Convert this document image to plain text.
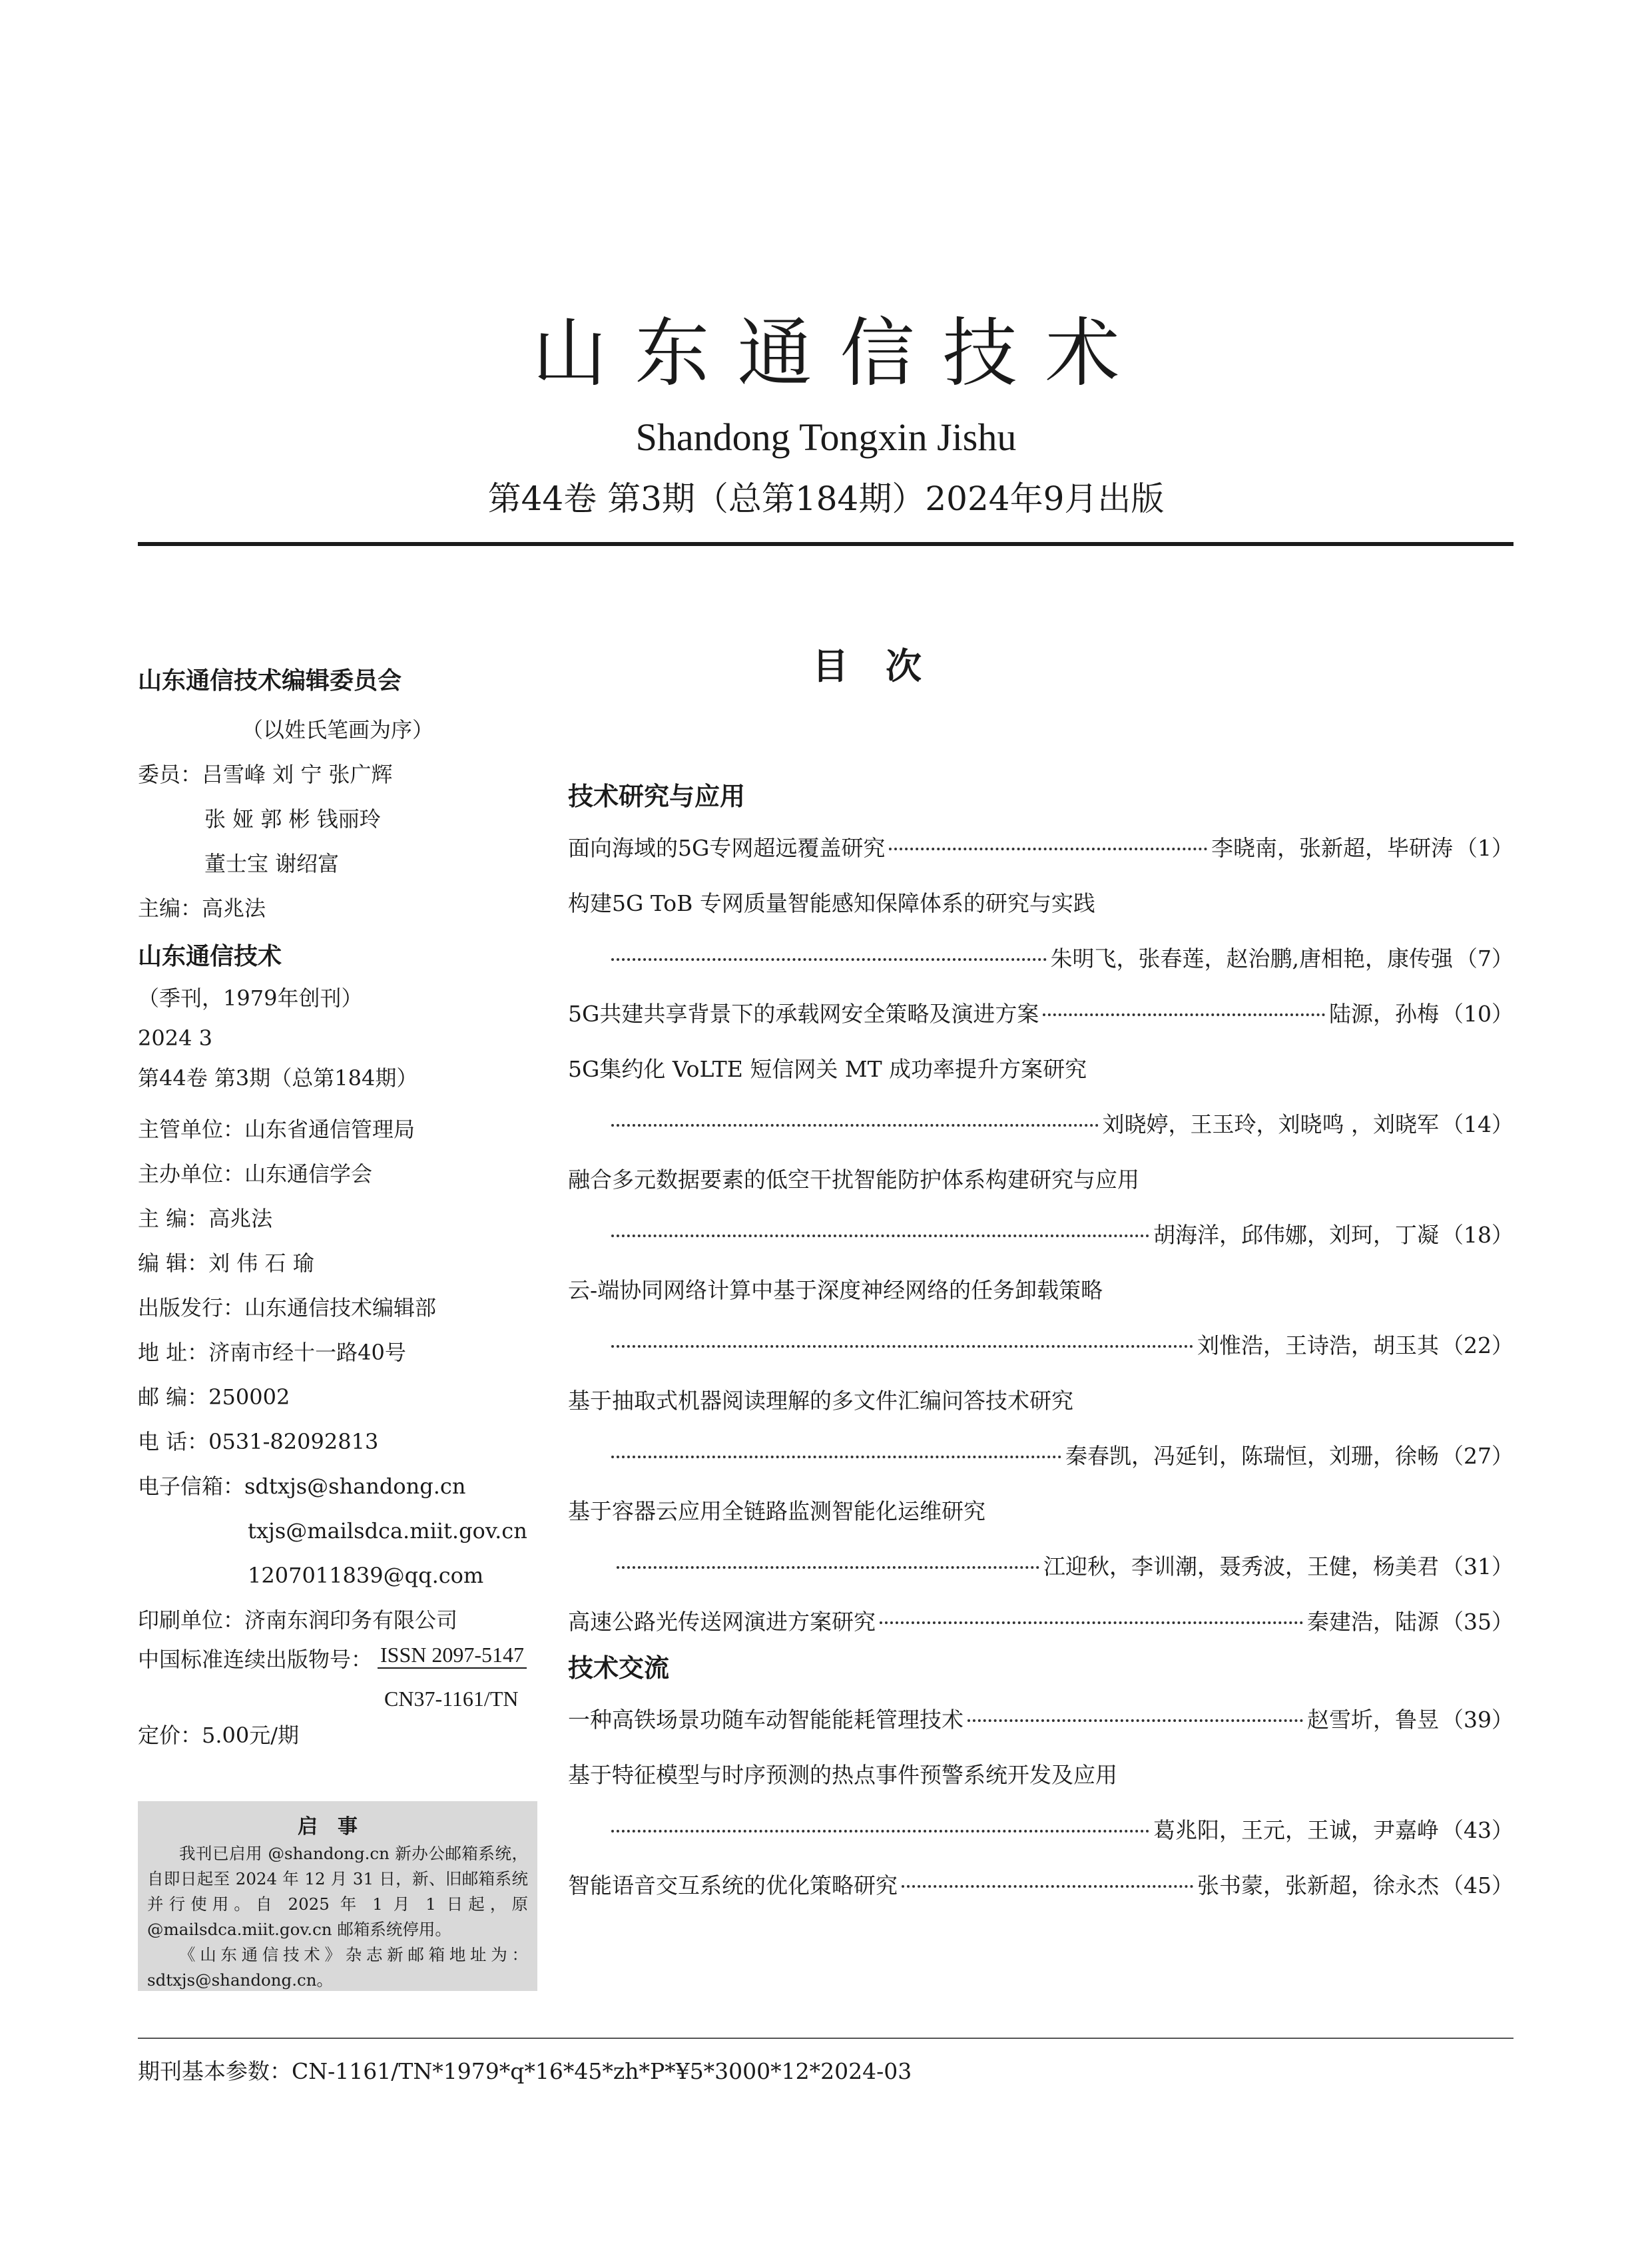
山东通信技术
Shandong Tongxin Jishu
第44卷 第3期（总第184期）2024年9月出版
山东通信技术编辑委员会
（以姓氏笔画为序）
委员：吕雪峰 刘 宁 张广辉
张 娅 郭 彬 钱丽玲
董士宝 谢绍富
主编：高兆法
山东通信技术
（季刊，1979年创刊）
2024 3
第44卷 第3期（总第184期）
主管单位：山东省通信管理局
主办单位：山东通信学会
主 编：高兆法
编 辑：刘 伟 石 瑜
出版发行：山东通信技术编辑部
地 址：济南市经十一路40号
邮 编：250002
电 话：0531-82092813
电子信箱：sdtxjs@shandong.cn
txjs@mailsdca.miit.gov.cn
1207011839@qq.com
印刷单位：济南东润印务有限公司
中国标准连续出版物号： ISSN 2097-5147
CN37-1161/TN
定价：5.00元/期
启事

我刊已启用 @shandong.cn 新办公邮箱系统，自即日起至 2024 年 12 月 31 日，新、旧邮箱系统并行使用。自 2025 年 1 月 1 日起，原 @mailsdca.miit.gov.cn 邮箱系统停用。

《山东通信技术》杂志新邮箱地址为：sdtxjs@shandong.cn。

目次
技术研究与应用
面向海域的5G专网超远覆盖研究	李晓南，张新超，毕研涛 （1）
构建5G ToB 专网质量智能感知保障体系的研究与实践
朱明飞，张春莲，赵治鹏,唐相艳，康传强 （7）
5G共建共享背景下的承载网安全策略及演进方案	陆源，孙梅 （10）
5G集约化 VoLTE 短信网关 MT 成功率提升方案研究
刘晓婷，王玉玲，刘晓鸣 ，刘晓军 （14）
融合多元数据要素的低空干扰智能防护体系构建研究与应用
胡海洋，邱伟娜，刘珂，丁凝 （18）
云-端协同网络计算中基于深度神经网络的任务卸载策略
刘惟浩，王诗浩，胡玉其 （22）
基于抽取式机器阅读理解的多文件汇编问答技术研究
秦春凯，冯延钊，陈瑞恒，刘珊，徐畅 （27）
基于容器云应用全链路监测智能化运维研究
江迎秋，李训潮，聂秀波，王健，杨美君 （31）
高速公路光传送网演进方案研究	秦建浩，陆源 （35）
技术交流
一种高铁场景功随车动智能能耗管理技术	赵雪圻，鲁昱 （39）
基于特征模型与时序预测的热点事件预警系统开发及应用
葛兆阳，王元，王诚，尹嘉峥 （43）
智能语音交互系统的优化策略研究	张书蒙，张新超，徐永杰 （45）
期刊基本参数：CN-1161/TN*1979*q*16*45*zh*P*¥5*3000*12*2024-03
